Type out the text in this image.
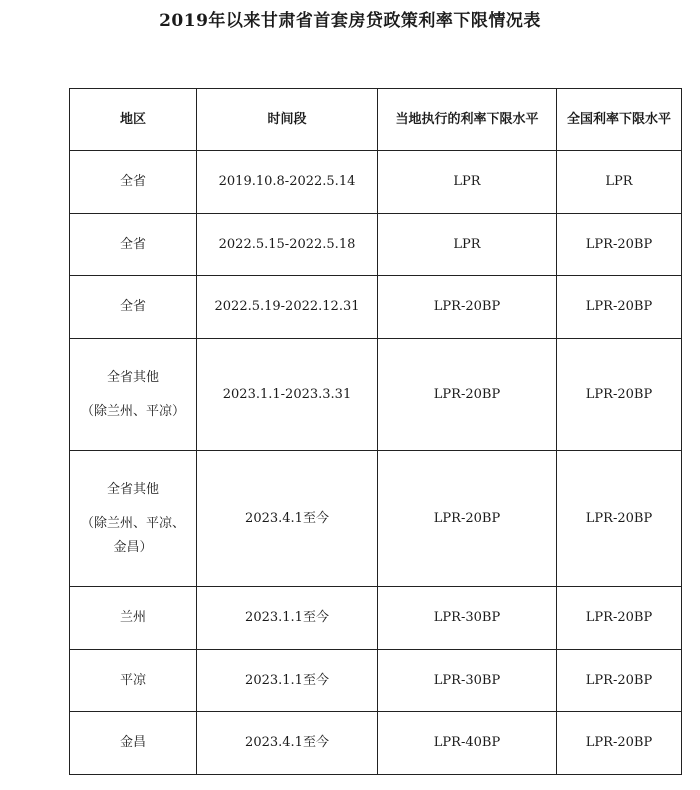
2019年以来甘肃省首套房贷政策利率下限情况表
地区	时间段	当地执行的利率下限水平	全国利率下限水平

全省	2019.10.8-2022.5.14	LPR	LPR

全省	2022.5.15-2022.5.18	LPR	LPR-20BP

全省	2022.5.19-2022.12.31	LPR-20BP	LPR-20BP

全省其他
（除兰州、平凉）	2023.1.1-2023.3.31	LPR-20BP	LPR-20BP

全省其他
（除兰州、平凉、
金昌）	2023.4.1至今	LPR-20BP	LPR-20BP

兰州	2023.1.1至今	LPR-30BP	LPR-20BP

平凉	2023.1.1至今	LPR-30BP	LPR-20BP

金昌	2023.4.1至今	LPR-40BP	LPR-20BP
